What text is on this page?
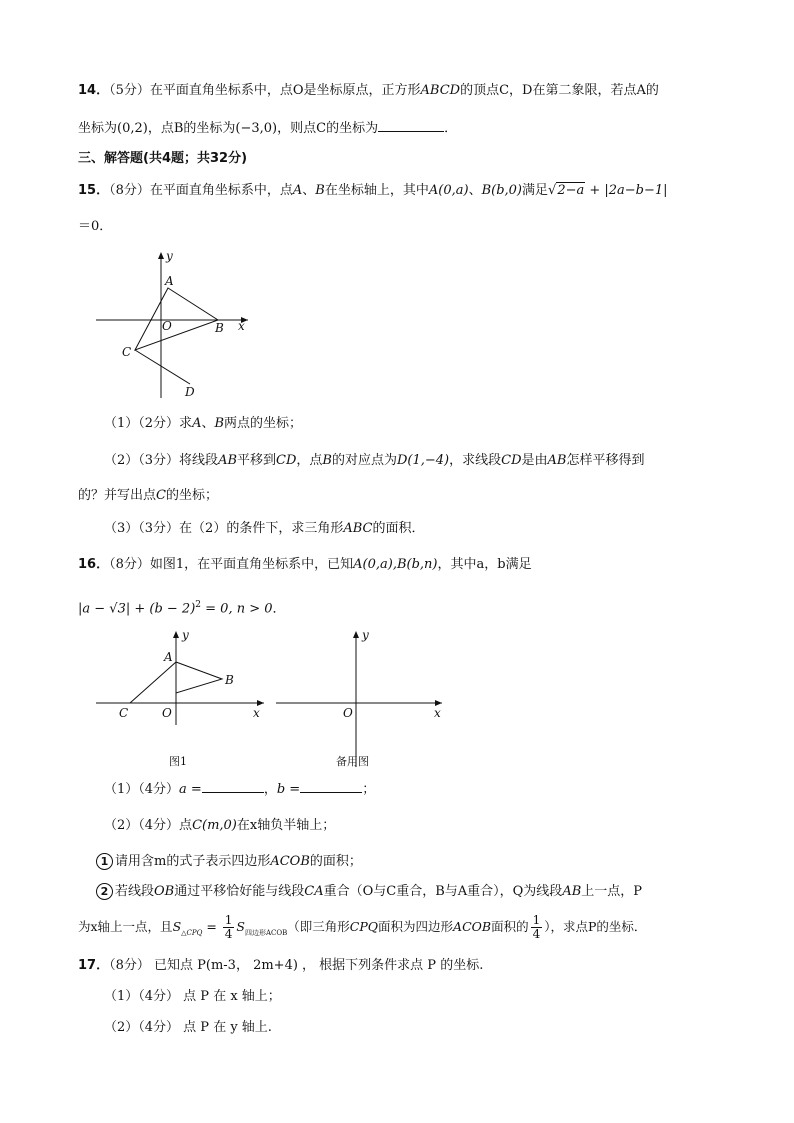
14．（5分）在平面直角坐标系中，点O是坐标原点，正方形ABCD的顶点C，D在第二象限，若点A的
坐标为(0,2)，点B的坐标为(−3,0)，则点C的坐标为	．
三、解答题(共4题；共32分)
15．（8分）在平面直角坐标系中，点A、B在坐标轴上，其中A(0,a)、B(b,0)满足√2−a + |2a−b−1|
＝0．
y
A
O	B x
C
D
（1）（2分）求A、B两点的坐标；
（2）（3分）将线段AB平移到CD，点B的对应点为D(1,−4)，求线段CD是由AB怎样平移得到
的？并写出点C的坐标；
（3）（3分）在（2）的条件下，求三角形ABC的面积．
16．（8分）如图1，在平面直角坐标系中，已知A(0,a),B(b,n)，其中a，b满足
$|a - √3| + (b - 2)^2 = 0$, n > 0．
y
A
B
C	O	x
图1
y
O	x
备用图
（1）（4分）a =	，b =	；
（2）（4分）点C(m,0)在x轴负半轴上；
1 请用含m的式子表示四边形ACOB的面积；
2 若线段OB通过平移恰好能与线段CA重合（O与C重合，B与A重合），Q为线段AB上一点，P
为x轴上一点，且$S_{\triangle CPQ} = \frac{1}{4} S_{四边形ACOB}$（即三角形CPQ面积为四边形ACOB面积的 $\frac{1}{4}$ ），求点P的坐标．
17．（8分） 已知点 P(m-3， 2m+4) ， 根据下列条件求点 P 的坐标.
（1）（4分） 点 P 在 x 轴上；
（2）（4分） 点 P 在 y 轴上.
